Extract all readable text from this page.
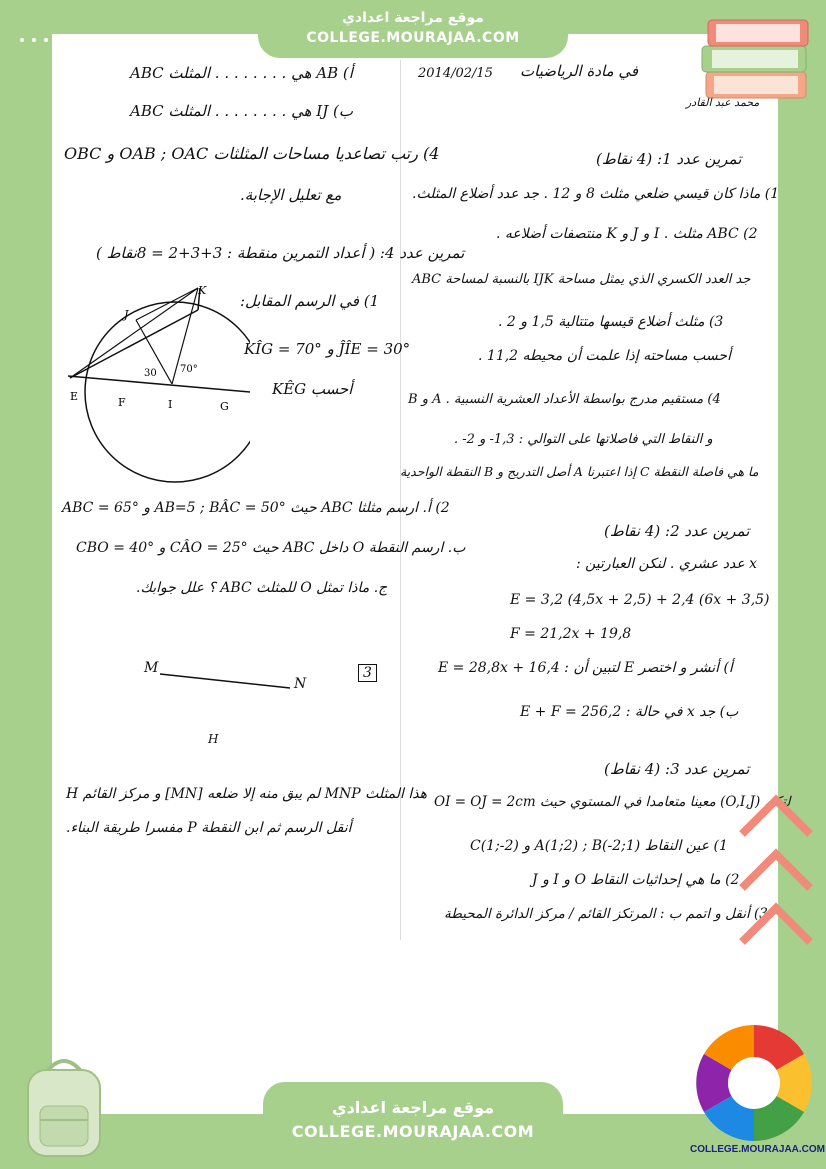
موقع مراجعة اعدادي
COLLEGE.MOURAJAA.COM
أ) ΑΒ هي . . . . . . . . المثلث ABC
ب) IJ هي . . . . . . . . المثلث ABC
4) رتب تصاعديا مساحات المثلثات OAB ; OAC و OBC
مع تعليل الإجابة.
تمرين عدد 4: ( أعداد التمرين منقطة : 3+3+2 = 8نقاط )
1) في الرسم المقابل:
KÎG = 70° و ĴÎE = 30°
أحسب KÊG
K
J
E	F	I	G
30 70°
2) أ. ارسم مثلثا ABC حيث AB=5 ; BÂC = 50° و ABC = 65°
ب. ارسم النقطة O داخل ABC حيث CÂO = 25° و CBO = 40°
ج. ماذا تمثل O للمثلث ABC ؟ علل جوابك.
3
M
N
H
هذا المثلث MNP لم يبق منه إلا ضلعه [MN] و مركز القائم H
أنقل الرسم ثم ابن النقطة P مفسرا طريقة البناء.
2014/02/15 في مادة الرياضيات
محمد عبد القادر
تمرين عدد 1: (4 نقاط)
1) ماذا كان قيسي ضلعي مثلث 8 و 12 . جد عدد أضلاع المثلث.
2) ABC مثلث . I و J و K منتصفات أضلاعه .
جد العدد الكسري الذي يمثل مساحة IJK بالنسبة لمساحة ABC
3) مثلث أضلاع قيسها متتالية 1,5 و 2 .
أحسب مساحته إذا علمت أن محيطه 11,2 .
4) مستقيم مدرج بواسطة الأعداد العشرية النسبية . A و B
و النقاط التي فاصلاتها على التوالي : 1,3- و 2- .
ما هي فاصلة النقطة C إذا اعتبرنا A أصل التدريج و B النقطة الواحدية
تمرين عدد 2: (4 نقاط)
x عدد عشري . لنكن العبارتين :
E = 3,2 (4,5x + 2,5) + 2,4 (6x + 3,5)
F = 21,2x + 19,8
أ) أنشر و اختصر E لتبين أن : E = 28,8x + 16,4
ب) جد x في حالة : E + F = 256,2
تمرين عدد 3: (4 نقاط)
لتكن (O,I,J) معينا متعامدا في المستوي حيث OI = OJ = 2cm
1) عين النقاط A(1;2) ; B(-2;1) و C(1;-2)
2) ما هي إحداثيات النقاط O و I و J
3) أنقل و اتمم ب : المرتكز القائم / مركز الدائرة المحيطة
موقع مراجعة اعدادي
COLLEGE.MOURAJAA.COM
COLLEGE.MOURAJAA.COM
